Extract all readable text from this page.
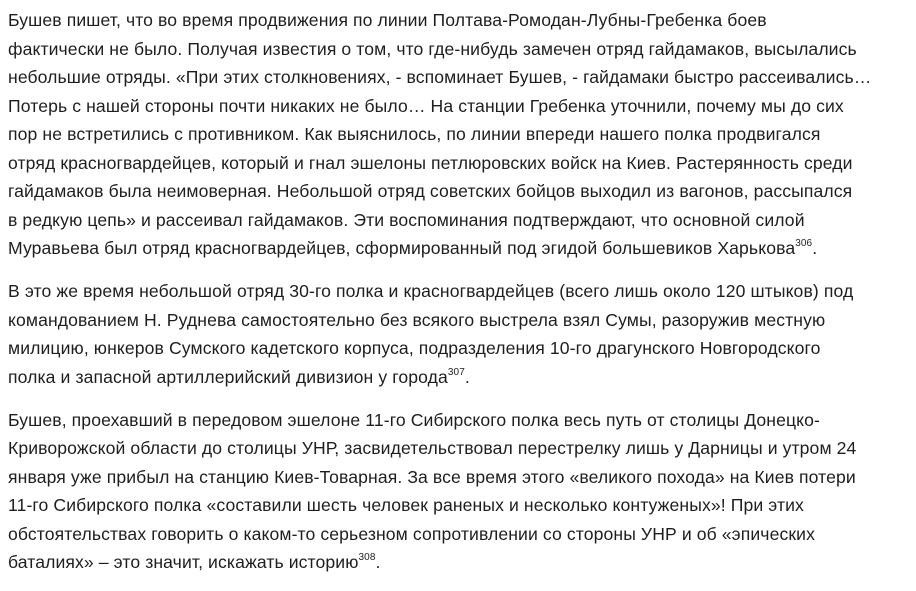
Бушев пишет, что во время продвижения по линии Полтава-Ромодан-Лубны-Гребенка боев
фактически не было. Получая известия о том, что где-нибудь замечен отряд гайдамаков, высылались
небольшие отряды. «При этих столкновениях, - вспоминает Бушев, - гайдамаки быстро рассеивались…
Потерь с нашей стороны почти никаких не было… На станции Гребенка уточнили, почему мы до сих
пор не встретились с противником. Как выяснилось, по линии впереди нашего полка продвигался
отряд красногвардейцев, который и гнал эшелоны петлюровских войск на Киев. Растерянность среди
гайдамаков была неимоверная. Небольшой отряд советских бойцов выходил из вагонов, рассыпался
в редкую цепь» и рассеивал гайдамаков. Эти воспоминания подтверждают, что основной силой
Муравьева был отряд красногвардейцев, сформированный под эгидой большевиков Харькова$^{306}$.
В это же время небольшой отряд 30-го полка и красногвардейцев (всего лишь около 120 штыков) под
командованием Н. Руднева самостоятельно без всякого выстрела взял Сумы, разоружив местную
милицию, юнкеров Сумского кадетского корпуса, подразделения 10-го драгунского Новгородского
полка и запасной артиллерийский дивизион у города$^{307}$.
Бушев, проехавший в передовом эшелоне 11-го Сибирского полка весь путь от столицы Донецко-
Криворожской области до столицы УНР, засвидетельствовал перестрелку лишь у Дарницы и утром 24
января уже прибыл на станцию Киев-Товарная. За все время этого «великого похода» на Киев потери
11-го Сибирского полка «составили шесть человек раненых и несколько контуженых»! При этих
обстоятельствах говорить о каком-то серьезном сопротивлении со стороны УНР и об «эпических
баталиях» – это значит, искажать историю$^{308}$.
